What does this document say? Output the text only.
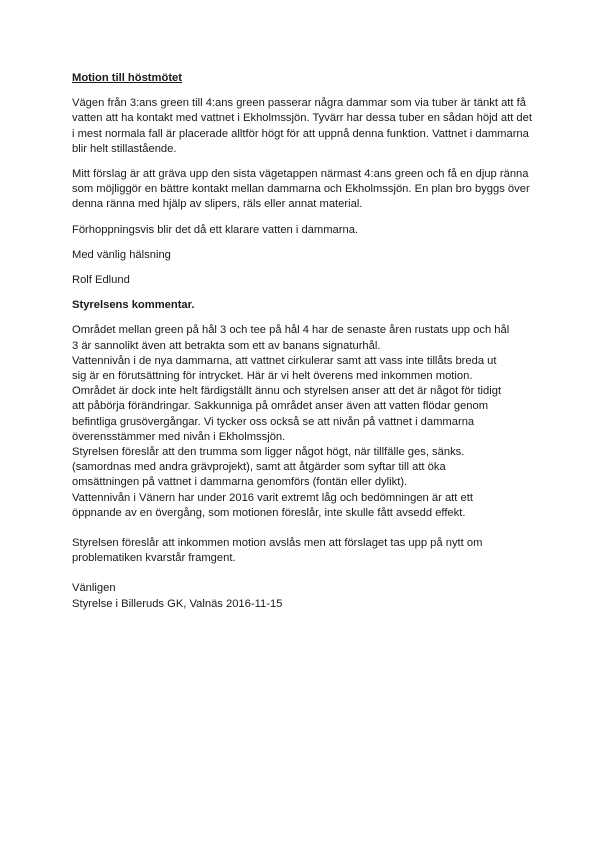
Motion till höstmötet

Vägen från 3:ans green till 4:ans green passerar några dammar som via tuber är tänkt att få vatten att ha kontakt med vattnet i Ekholmssjön. Tyvärr har dessa tuber en sådan höjd att det i mest normala fall är placerade alltför högt för att uppnå denna funktion. Vattnet i dammarna blir helt stillastående.

Mitt förslag är att gräva upp den sista vägetappen närmast 4:ans green och få en djup ränna som möjliggör en bättre kontakt mellan dammarna och Ekholmssjön. En plan bro byggs över denna ränna med hjälp av slipers, räls eller annat material.

Förhoppningsvis blir det då ett klarare vatten i dammarna.

Med vänlig hälsning

Rolf Edlund

Styrelsens kommentar.
Området mellan green på hål 3 och tee på hål 4 har de senaste åren rustats upp och hål
3 är sannolikt även att betrakta som ett av banans signaturhål.
Vattennivån i de nya dammarna, att vattnet cirkulerar samt att vass inte tillåts breda ut
sig är en förutsättning för intrycket. Här är vi helt överens med inkommen motion.
Området är dock inte helt färdigställt ännu och styrelsen anser att det är något för tidigt
att påbörja förändringar. Sakkunniga på området anser även att vatten flödar genom
befintliga grusövergångar. Vi tycker oss också se att nivån på vattnet i dammarna
överensstämmer med nivån i Ekholmssjön.
Styrelsen föreslår att den trumma som ligger något högt, när tillfälle ges, sänks.
(samordnas med andra grävprojekt), samt att åtgärder som syftar till att öka
omsättningen på vattnet i dammarna genomförs (fontän eller dylikt).
Vattennivån i Vänern har under 2016 varit extremt låg och bedömningen är att ett
öppnande av en övergång, som motionen föreslår, inte skulle fått avsedd effekt.
Styrelsen föreslår att inkommen motion avslås men att förslaget tas upp på nytt om
problematiken kvarstår framgent.
Vänligen
Styrelse i Billeruds GK, Valnäs 2016-11-15
